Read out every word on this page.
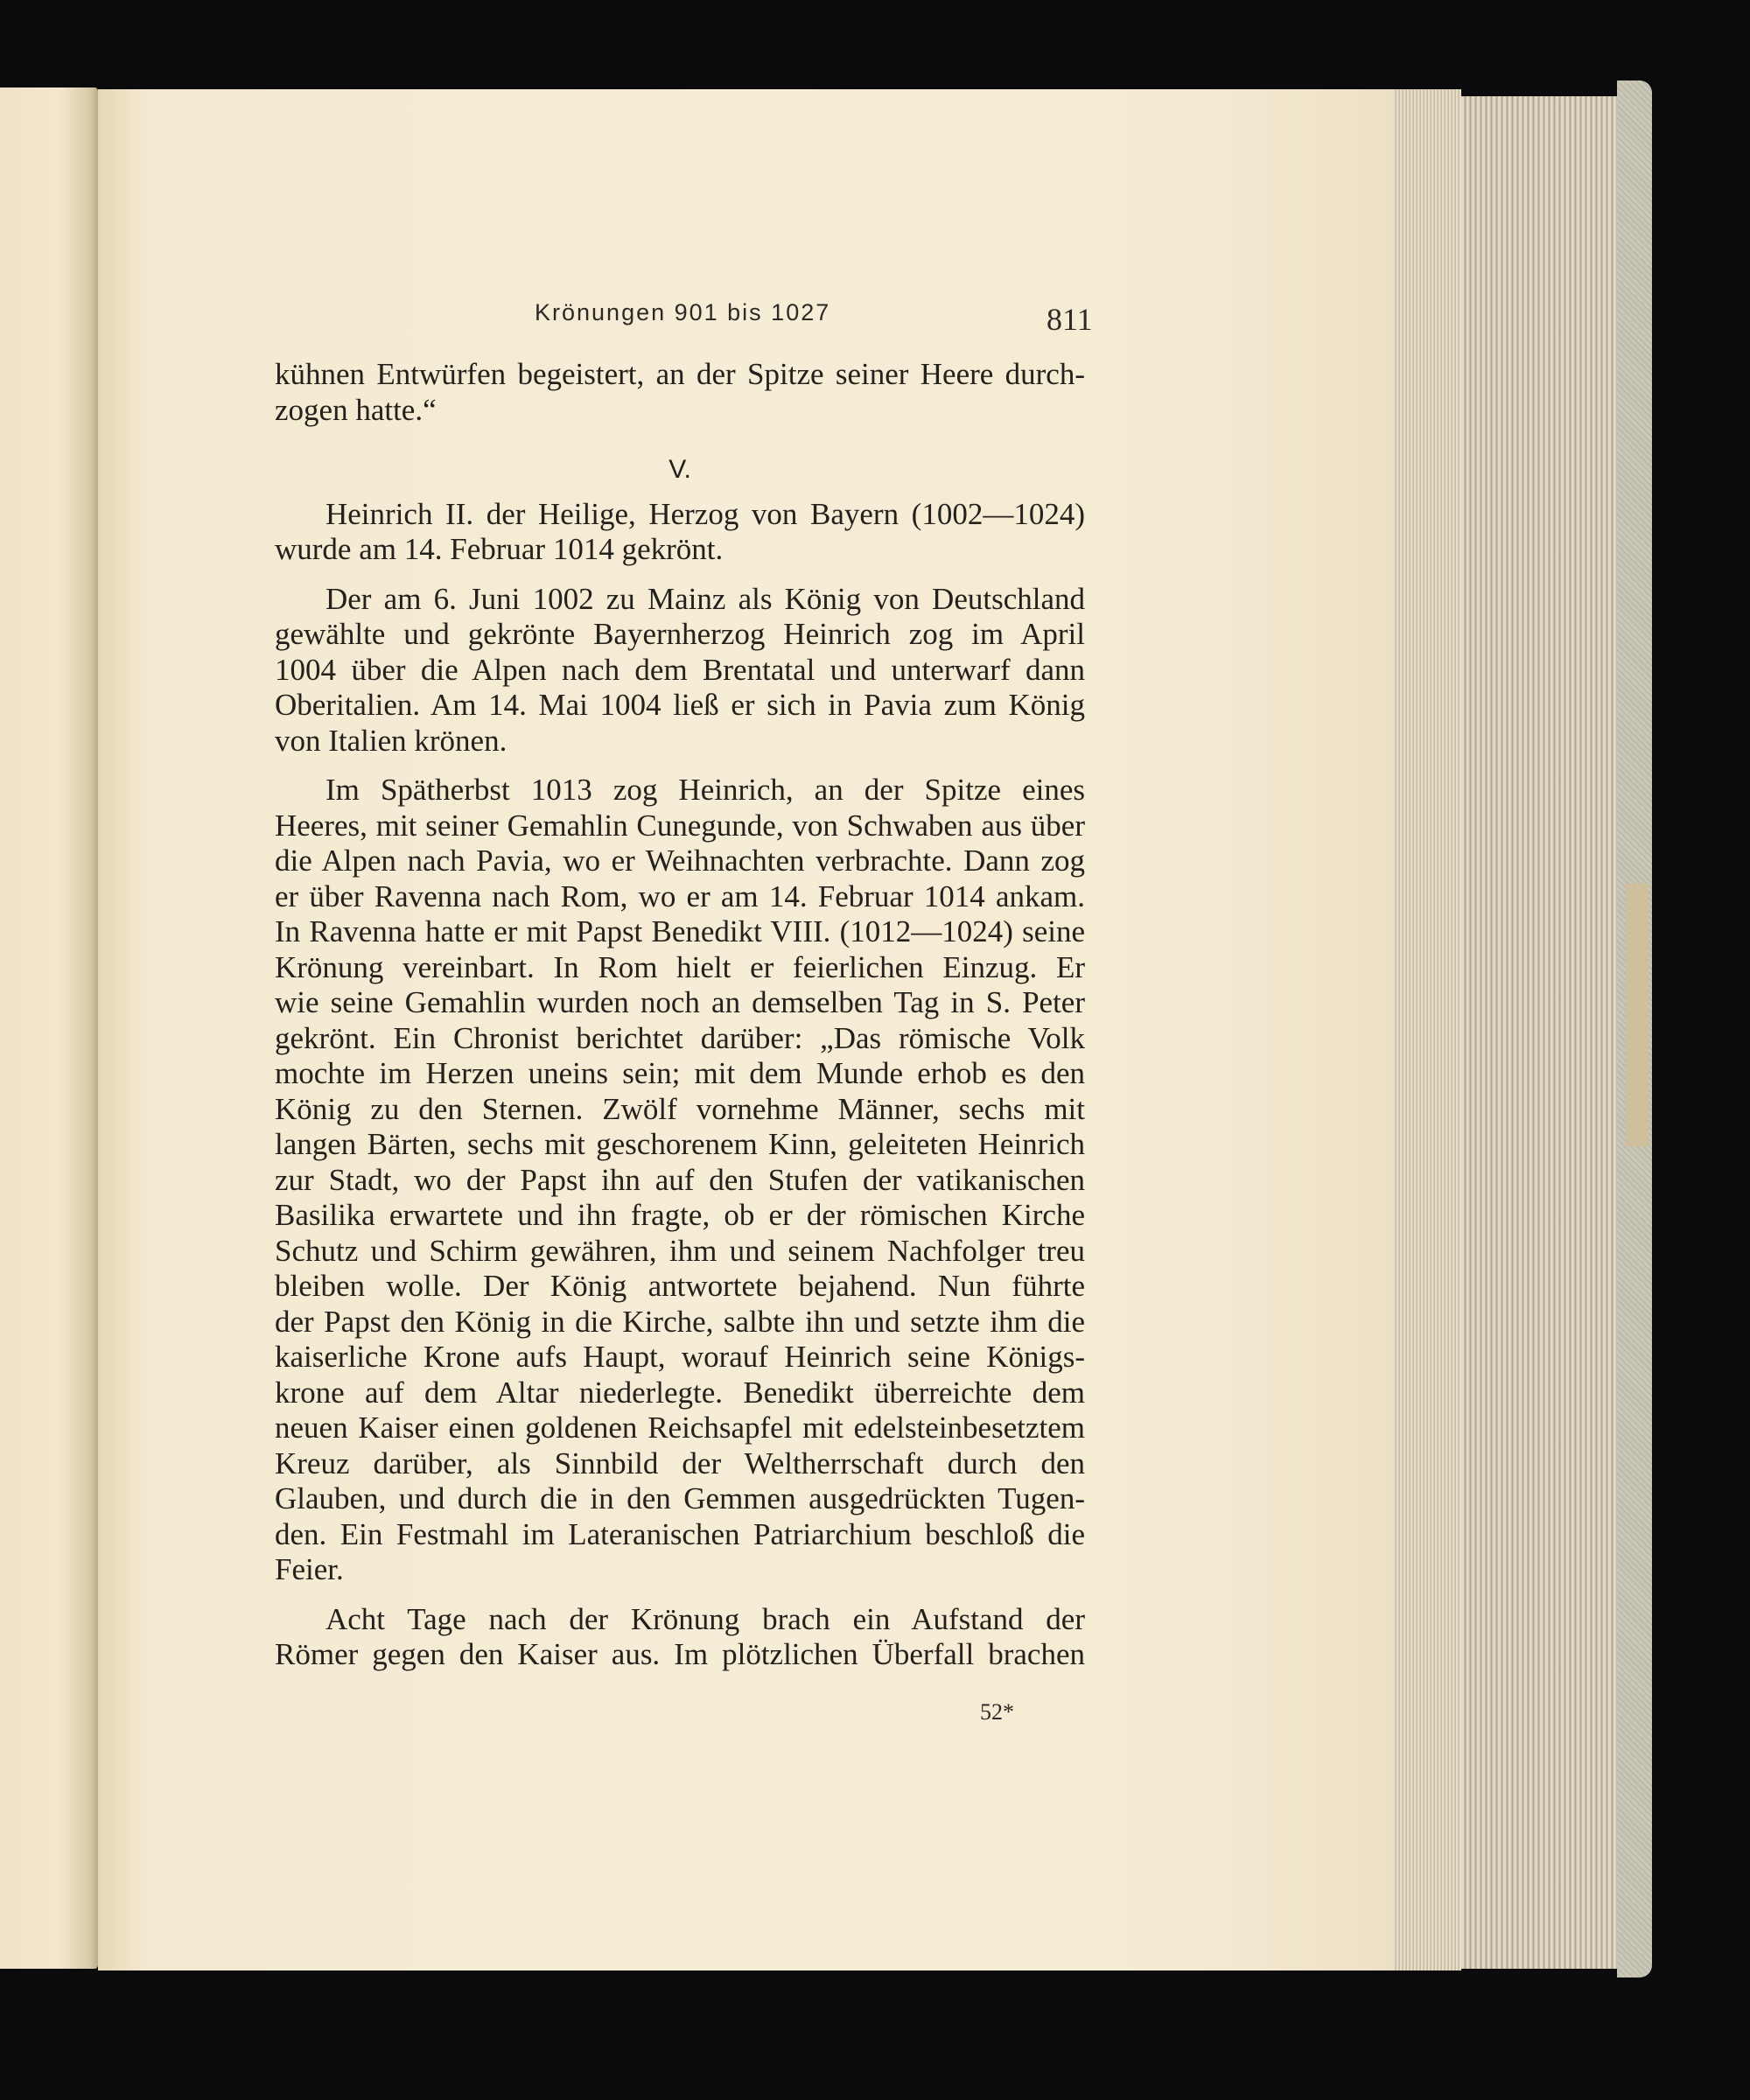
Krönungen 901 bis 1027	811
kühnen Entwürfen begeistert, an der Spitze seiner Heere durch-
zogen hatte.“
V.
Heinrich II. der Heilige, Herzog von Bayern (1002—1024)
wurde am 14. Februar 1014 gekrönt.
Der am 6. Juni 1002 zu Mainz als König von Deutschland
gewählte und gekrönte Bayernherzog Heinrich zog im April
1004 über die Alpen nach dem Brentatal und unterwarf dann
Oberitalien. Am 14. Mai 1004 ließ er sich in Pavia zum König
von Italien krönen.
Im Spätherbst 1013 zog Heinrich, an der Spitze eines
Heeres, mit seiner Gemahlin Cunegunde, von Schwaben aus über
die Alpen nach Pavia, wo er Weihnachten verbrachte. Dann zog
er über Ravenna nach Rom, wo er am 14. Februar 1014 ankam.
In Ravenna hatte er mit Papst Benedikt VIII. (1012—1024) seine
Krönung vereinbart. In Rom hielt er feierlichen Einzug. Er
wie seine Gemahlin wurden noch an demselben Tag in S. Peter
gekrönt. Ein Chronist berichtet darüber: „Das römische Volk
mochte im Herzen uneins sein; mit dem Munde erhob es den
König zu den Sternen. Zwölf vornehme Männer, sechs mit
langen Bärten, sechs mit geschorenem Kinn, geleiteten Heinrich
zur Stadt, wo der Papst ihn auf den Stufen der vatikanischen
Basilika erwartete und ihn fragte, ob er der römischen Kirche
Schutz und Schirm gewähren, ihm und seinem Nachfolger treu
bleiben wolle. Der König antwortete bejahend. Nun führte
der Papst den König in die Kirche, salbte ihn und setzte ihm die
kaiserliche Krone aufs Haupt, worauf Heinrich seine Königs-
krone auf dem Altar niederlegte. Benedikt überreichte dem
neuen Kaiser einen goldenen Reichsapfel mit edelsteinbesetztem
Kreuz darüber, als Sinnbild der Weltherrschaft durch den
Glauben, und durch die in den Gemmen ausgedrückten Tugen-
den. Ein Festmahl im Lateranischen Patriarchium beschloß die
Feier.
Acht Tage nach der Krönung brach ein Aufstand der
Römer gegen den Kaiser aus. Im plötzlichen Überfall brachen
52*
